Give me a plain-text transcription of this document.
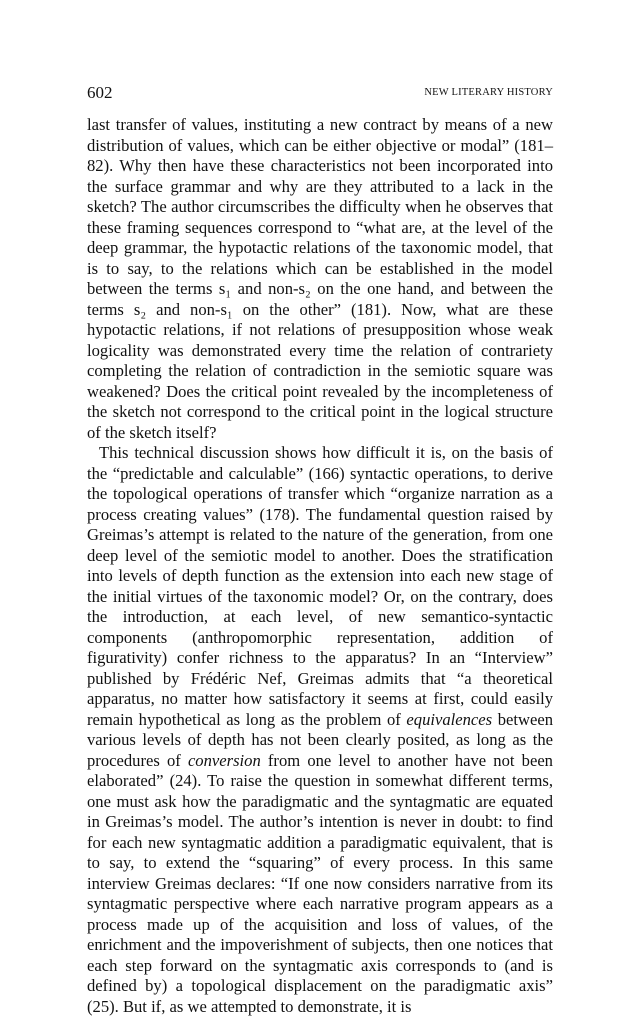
602	NEW LITERARY HISTORY

last transfer of values, instituting a new contract by means of a new distribution of values, which can be either objective or modal” (181–82). Why then have these characteristics not been incorporated into the surface grammar and why are they attributed to a lack in the sketch? The author circumscribes the difficulty when he observes that these framing sequences correspond to “what are, at the level of the deep grammar, the hypotactic relations of the taxonomic model, that is to say, to the relations which can be established in the model between the terms s₁ and non-s₂ on the one hand, and between the terms s₂ and non-s₁ on the other” (181). Now, what are these hypotactic relations, if not relations of presupposition whose weak logicality was demonstrated every time the relation of contrariety completing the relation of contradiction in the semiotic square was weakened? Does the critical point revealed by the incompleteness of the sketch not correspond to the critical point in the logical structure of the sketch itself?

This technical discussion shows how difficult it is, on the basis of the “predictable and calculable” (166) syntactic operations, to derive the topological operations of transfer which “organize narration as a process creating values” (178). The fundamental question raised by Greimas’s attempt is related to the nature of the generation, from one deep level of the semiotic model to another. Does the stratification into levels of depth function as the extension into each new stage of the initial virtues of the taxonomic model? Or, on the contrary, does the introduction, at each level, of new semantico-syntactic components (anthropomorphic representation, addition of figurativity) confer richness to the apparatus? In an “Interview” published by Frédéric Nef, Greimas admits that “a theoretical apparatus, no matter how satisfactory it seems at first, could easily remain hypothetical as long as the problem of equivalences between various levels of depth has not been clearly posited, as long as the procedures of conversion from one level to another have not been elaborated” (24). To raise the question in somewhat different terms, one must ask how the paradigmatic and the syntagmatic are equated in Greimas’s model. The author’s intention is never in doubt: to find for each new syntagmatic addition a paradigmatic equivalent, that is to say, to extend the “squaring” of every process. In this same interview Greimas declares: “If one now considers narrative from its syntagmatic perspective where each narrative program appears as a process made up of the acquisition and loss of values, of the enrichment and the impoverishment of subjects, then one notices that each step forward on the syntagmatic axis corresponds to (and is defined by) a topological displacement on the paradigmatic axis” (25). But if, as we attempted to demonstrate, it is
